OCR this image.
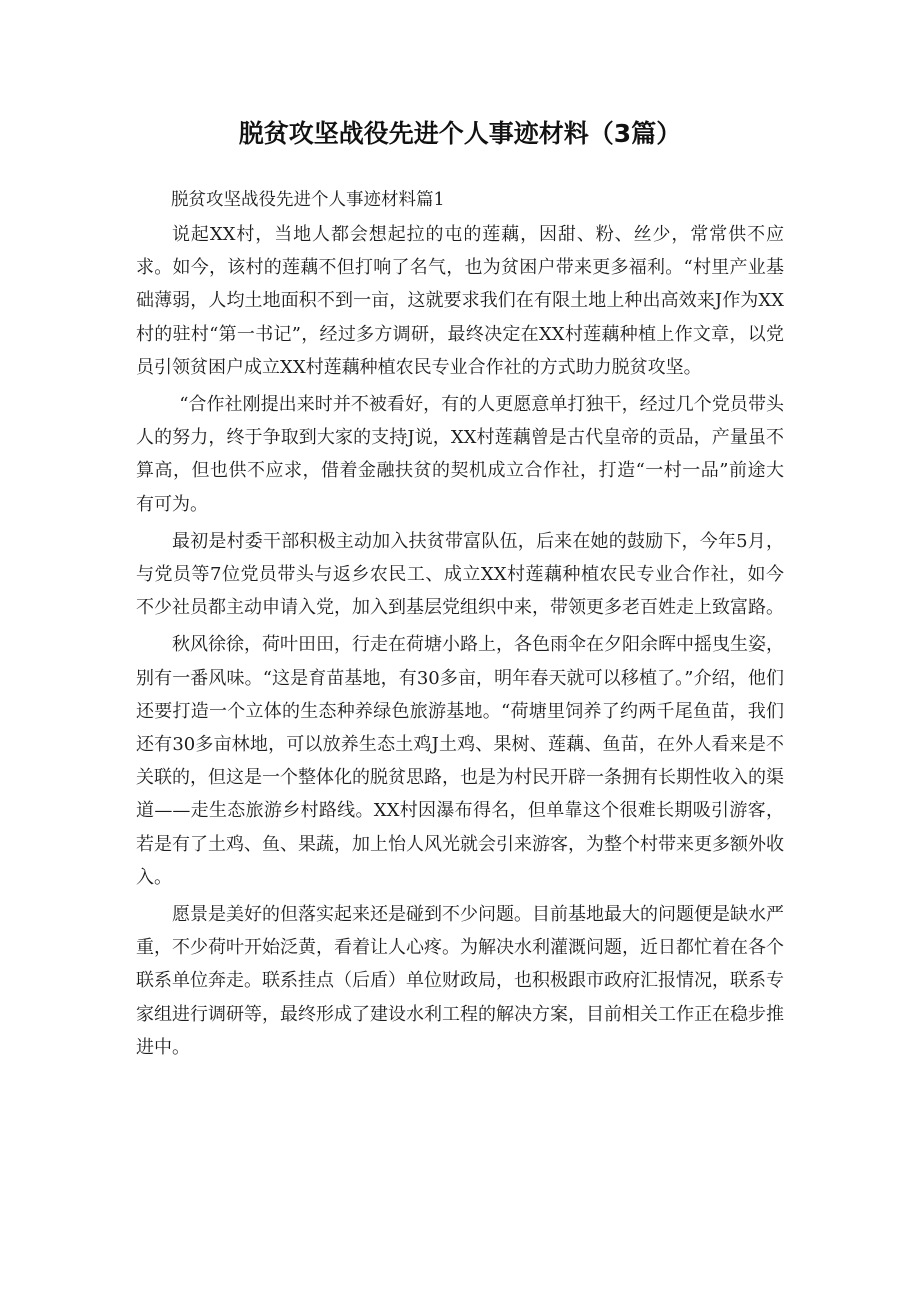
脱贫攻坚战役先进个人事迹材料（3篇）

脱贫攻坚战役先进个人事迹材料篇1

说起XX村，当地人都会想起拉的屯的莲藕，因甜、粉、丝少，常常供不应求。如今，该村的莲藕不但打响了名气，也为贫困户带来更多福利。“村里产业基础薄弱，人均土地面积不到一亩，这就要求我们在有限土地上种出高效来J作为XX村的驻村“第一书记”，经过多方调研，最终决定在XX村莲藕种植上作文章，以党员引领贫困户成立XX村莲藕种植农民专业合作社的方式助力脱贫攻坚。

“合作社刚提出来时并不被看好，有的人更愿意单打独干，经过几个党员带头人的努力，终于争取到大家的支持J说，XX村莲藕曾是古代皇帝的贡品，产量虽不算高，但也供不应求，借着金融扶贫的契机成立合作社，打造“一村一品”前途大有可为。

最初是村委干部积极主动加入扶贫带富队伍，后来在她的鼓励下，今年5月，与党员等7位党员带头与返乡农民工、成立XX村莲藕种植农民专业合作社，如今不少社员都主动申请入党，加入到基层党组织中来，带领更多老百姓走上致富路。

秋风徐徐，荷叶田田，行走在荷塘小路上，各色雨伞在夕阳余晖中摇曳生姿，别有一番风味。“这是育苗基地，有30多亩，明年春天就可以移植了。”介绍，他们还要打造一个立体的生态种养绿色旅游基地。“荷塘里饲养了约两千尾鱼苗，我们还有30多亩林地，可以放养生态土鸡J土鸡、果树、莲藕、鱼苗，在外人看来是不关联的，但这是一个整体化的脱贫思路，也是为村民开辟一条拥有长期性收入的渠道——走生态旅游乡村路线。XX村因瀑布得名，但单靠这个很难长期吸引游客，若是有了土鸡、鱼、果蔬，加上怡人风光就会引来游客，为整个村带来更多额外收入。

愿景是美好的但落实起来还是碰到不少问题。目前基地最大的问题便是缺水严重，不少荷叶开始泛黄，看着让人心疼。为解决水利灌溉问题，近日都忙着在各个联系单位奔走。联系挂点（后盾）单位财政局，也积极跟市政府汇报情况，联系专家组进行调研等，最终形成了建设水利工程的解决方案，目前相关工作正在稳步推进中。
